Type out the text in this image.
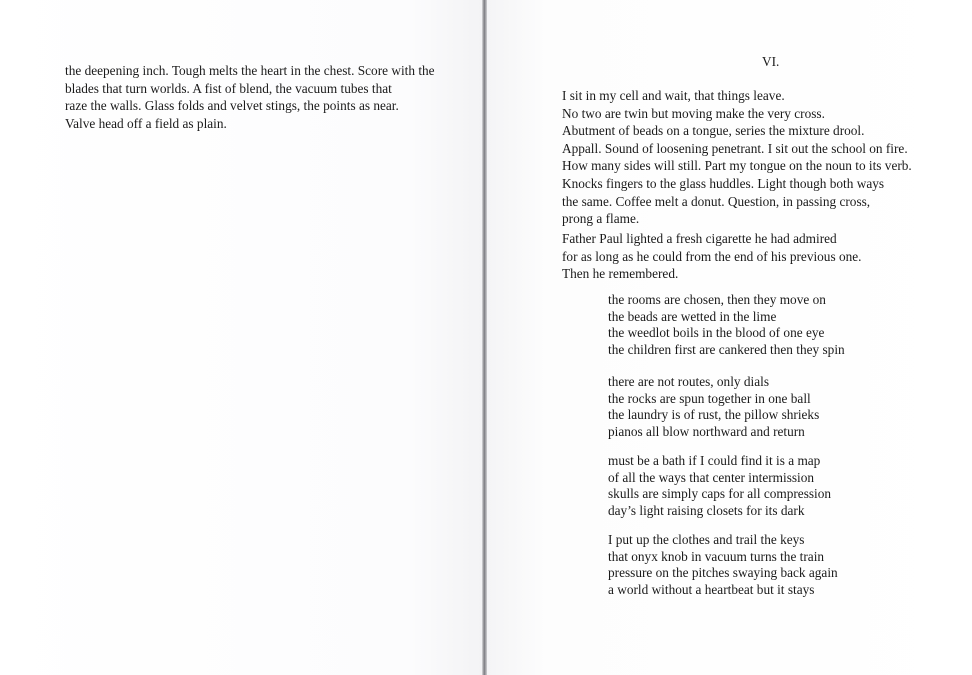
the deepening inch. Tough melts the heart in the chest. Score with the
blades that turn worlds. A fist of blend, the vacuum tubes that
raze the walls. Glass folds and velvet stings, the points as near.
Valve head off a field as plain.
VI.
I sit in my cell and wait, that things leave.
No two are twin but moving make the very cross.
Abutment of beads on a tongue, series the mixture drool.
Appall. Sound of loosening penetrant. I sit out the school on fire.
How many sides will still. Part my tongue on the noun to its verb.
Knocks fingers to the glass huddles. Light though both ways
the same. Coffee melt a donut. Question, in passing cross,
prong a flame.
Father Paul lighted a fresh cigarette he had admired
for as long as he could from the end of his previous one.
Then he remembered.
the rooms are chosen, then they move on
the beads are wetted in the lime
the weedlot boils in the blood of one eye
the children first are cankered then they spin
there are not routes, only dials
the rocks are spun together in one ball
the laundry is of rust, the pillow shrieks
pianos all blow northward and return
must be a bath if I could find it is a map
of all the ways that center intermission
skulls are simply caps for all compression
day’s light raising closets for its dark
I put up the clothes and trail the keys
that onyx knob in vacuum turns the train
pressure on the pitches swaying back again
a world without a heartbeat but it stays
